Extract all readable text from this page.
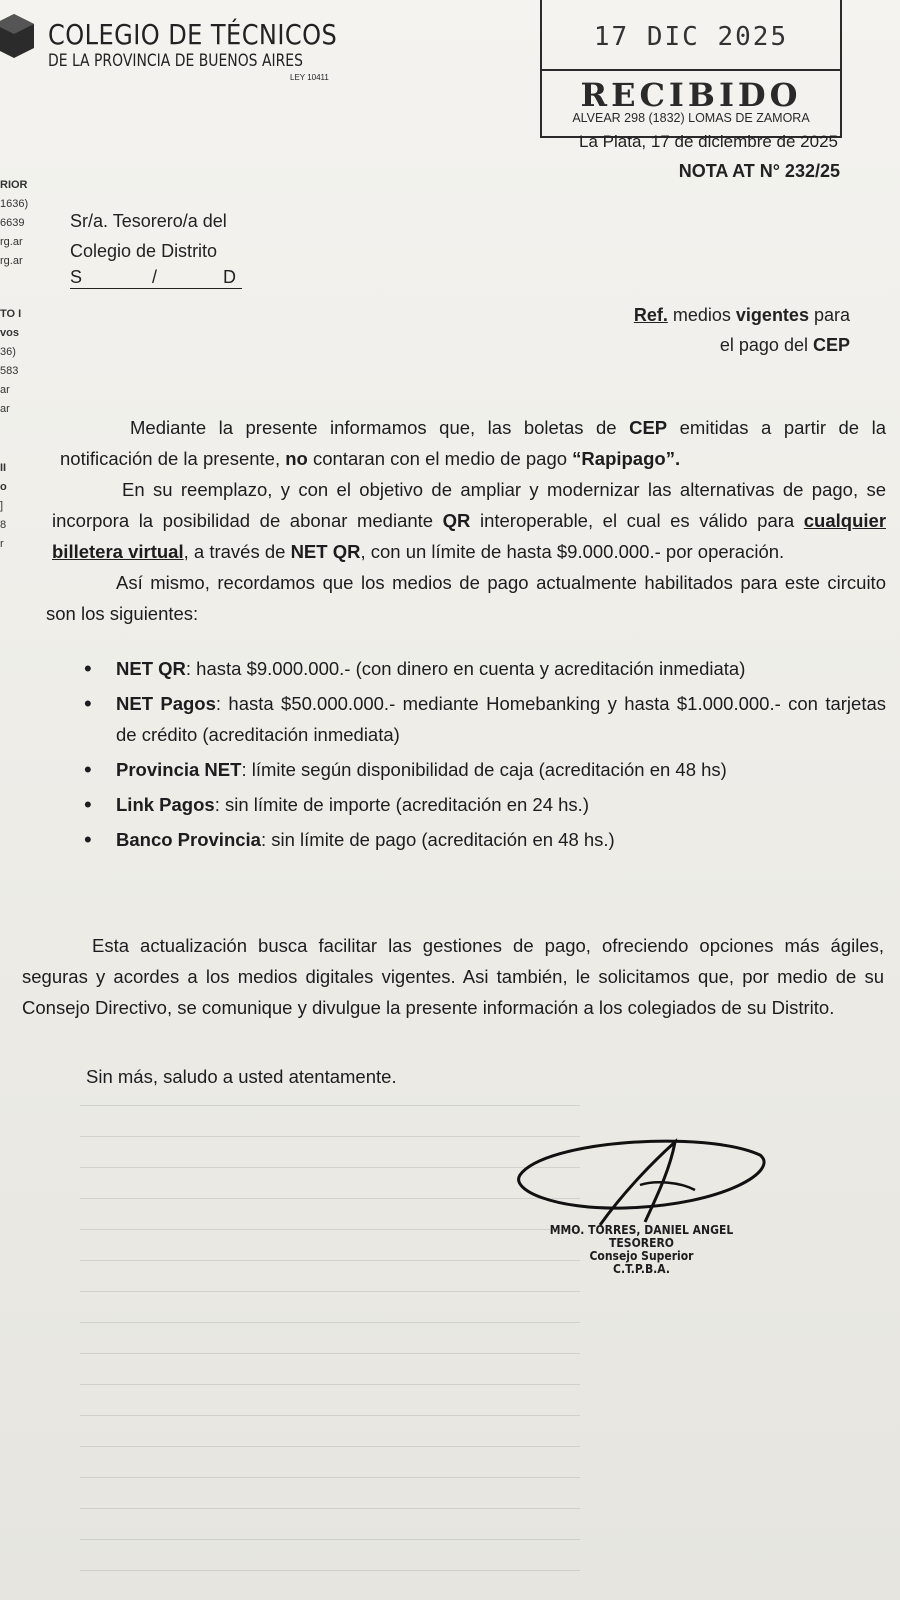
COLEGIO DE TÉCNICOS
DE LA PROVINCIA DE BUENOS AIRES
LEY 10411
RIOR
1636)
6639
rg.ar
rg.ar
TO I
vos
36)
583
ar
ar
II
o
]
8
r
17 DIC 2025
RECIBIDO
ALVEAR 298 (1832) LOMAS DE ZAMORA
La Plata, 17 de diciembre de 2025
NOTA AT N° 232/25
Sr/a. Tesorero/a del
Colegio de Distrito
S	/	D
Ref. medios vigentes para
el pago del CEP

Mediante la presente informamos que, las boletas de CEP emitidas a partir de la notificación de la presente, no contaran con el medio de pago “Rapipago”.

En su reemplazo, y con el objetivo de ampliar y modernizar las alternativas de pago, se incorpora la posibilidad de abonar mediante QR interoperable, el cual es válido para cualquier billetera virtual, a través de NET QR, con un límite de hasta $9.000.000.- por operación.

Así mismo, recordamos que los medios de pago actualmente habilitados para este circuito son los siguientes:

• NET QR: hasta $9.000.000.- (con dinero en cuenta y acreditación inmediata)
• NET Pagos: hasta $50.000.000.- mediante Homebanking y hasta $1.000.000.- con tarjetas de crédito (acreditación inmediata)
• Provincia NET: límite según disponibilidad de caja (acreditación en 48 hs)
• Link Pagos: sin límite de importe (acreditación en 24 hs.)
• Banco Provincia: sin límite de pago (acreditación en 48 hs.)

Esta actualización busca facilitar las gestiones de pago, ofreciendo opciones más ágiles, seguras y acordes a los medios digitales vigentes. Asi también, le solicitamos que, por medio de su Consejo Directivo, se comunique y divulgue la presente información a los colegiados de su Distrito.

Sin más, saludo a usted atentamente.
MMO. TORRES, DANIEL ANGEL
TESORERO
Consejo Superior
C.T.P.B.A.
